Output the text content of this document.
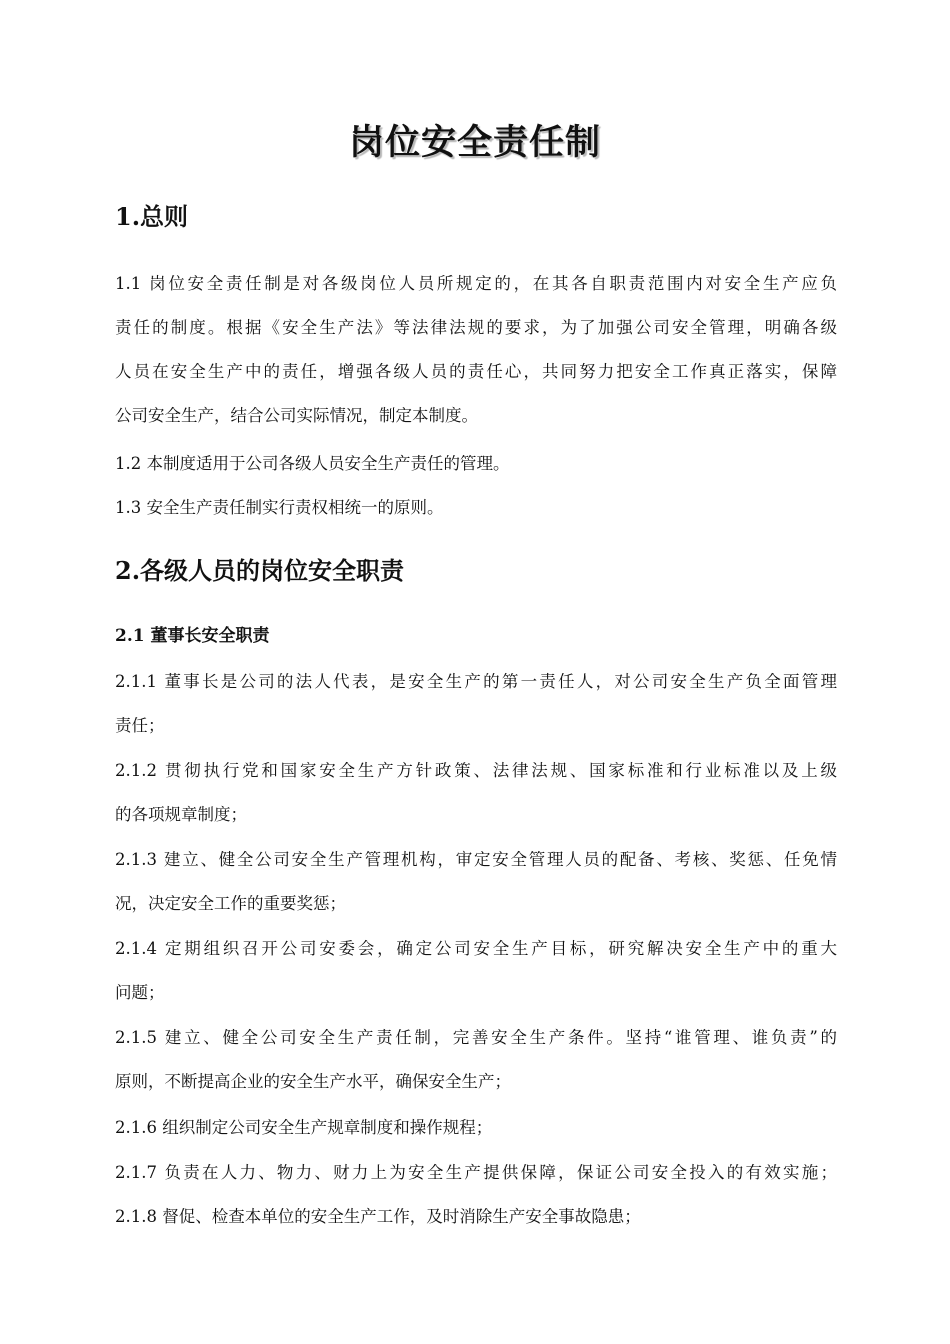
岗位安全责任制
1.总则
1.1 岗位安全责任制是对各级岗位人员所规定的，在其各自职责范围内对安全生产应负
责任的制度。根据《安全生产法》等法律法规的要求，为了加强公司安全管理，明确各级
人员在安全生产中的责任，增强各级人员的责任心，共同努力把安全工作真正落实，保障
公司安全生产，结合公司实际情况，制定本制度。
1.2 本制度适用于公司各级人员安全生产责任的管理。
1.3 安全生产责任制实行责权相统一的原则。
2.各级人员的岗位安全职责
2.1 董事长安全职责
2.1.1 董事长是公司的法人代表，是安全生产的第一责任人，对公司安全生产负全面管理
责任；
2.1.2 贯彻执行党和国家安全生产方针政策、法律法规、国家标准和行业标准以及上级
的各项规章制度；
2.1.3 建立、健全公司安全生产管理机构，审定安全管理人员的配备、考核、奖惩、任免情
况，决定安全工作的重要奖惩；
2.1.4 定期组织召开公司安委会，确定公司安全生产目标，研究解决安全生产中的重大
问题；
2.1.5 建立、健全公司安全生产责任制，完善安全生产条件。坚持“谁管理、谁负责”的
原则，不断提高企业的安全生产水平，确保安全生产；
2.1.6 组织制定公司安全生产规章制度和操作规程；
2.1.7 负责在人力、物力、财力上为安全生产提供保障，保证公司安全投入的有效实施；
2.1.8 督促、检查本单位的安全生产工作，及时消除生产安全事故隐患；
